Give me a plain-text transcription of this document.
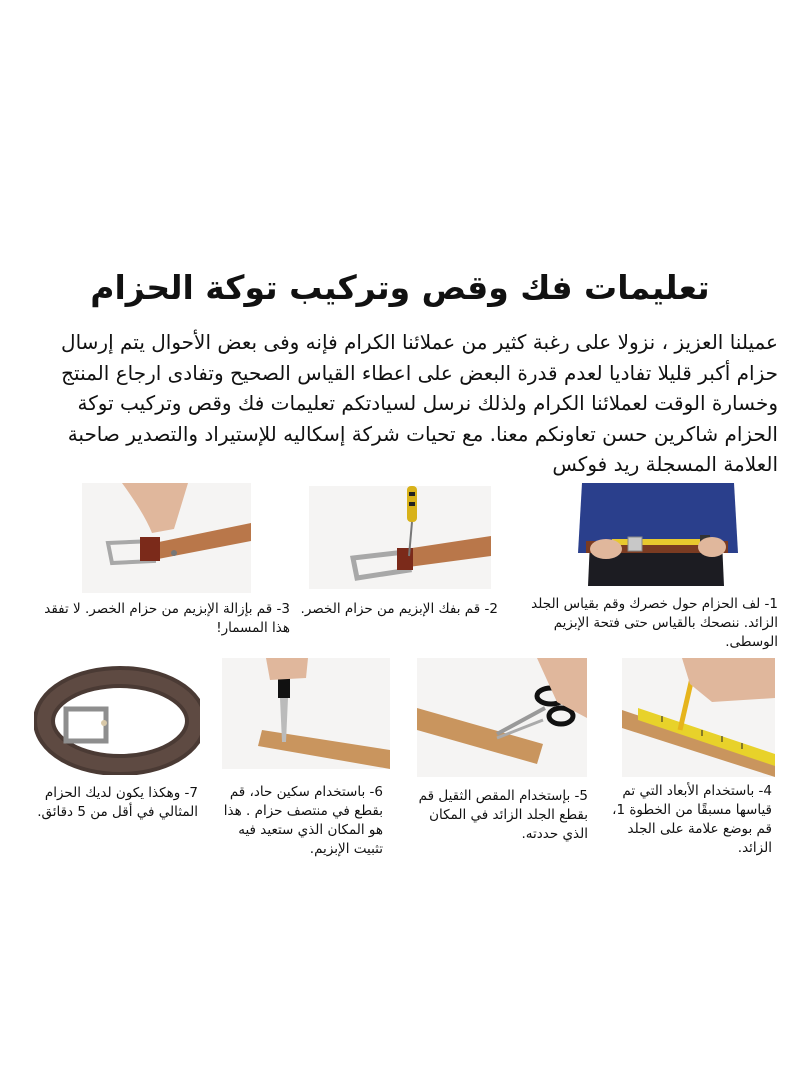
تعليمات فك وقص وتركيب توكة الحزام

عميلنا العزيز ، نزولا على رغبة كثير من عملائنا الكرام فإنه وفى بعض الأحوال يتم إرسال حزام أكبر قليلا تفاديا لعدم قدرة البعض على اعطاء القياس الصحيح وتفادى ارجاع المنتج وخسارة الوقت لعملائنا الكرام ولذلك نرسل لسيادتكم تعليمات فك وقص وتركيب توكة الحزام شاكرين حسن تعاونكم معنا. مع تحيات شركة إسكاليه للإستيراد والتصدير صاحبة العلامة المسجلة ريد فوكس

1- لف الحزام حول خصرك وقم بقياس الجلد الزائد. ننصحك بالقياس حتى فتحة الإبزيم الوسطى.

2- قم بفك الإبزيم من حزام الخصر.

3- قم بإزالة الإبزيم من حزام الخصر. لا تفقد هذا المسمار!

4- باستخدام الأبعاد التي تم قياسها مسبقًا من الخطوة 1، قم بوضع علامة على الجلد الزائد.

5- بإستخدام المقص الثقيل قم بقطع الجلد الزائد في المكان الذي حددته.

6- باستخدام سكين حاد، قم بقطع في منتصف حزام . هذا هو المكان الذي ستعيد فيه تثبيت الإبزيم.

7- وهكذا يكون لديك الحزام المثالي في أقل من 5 دقائق.
